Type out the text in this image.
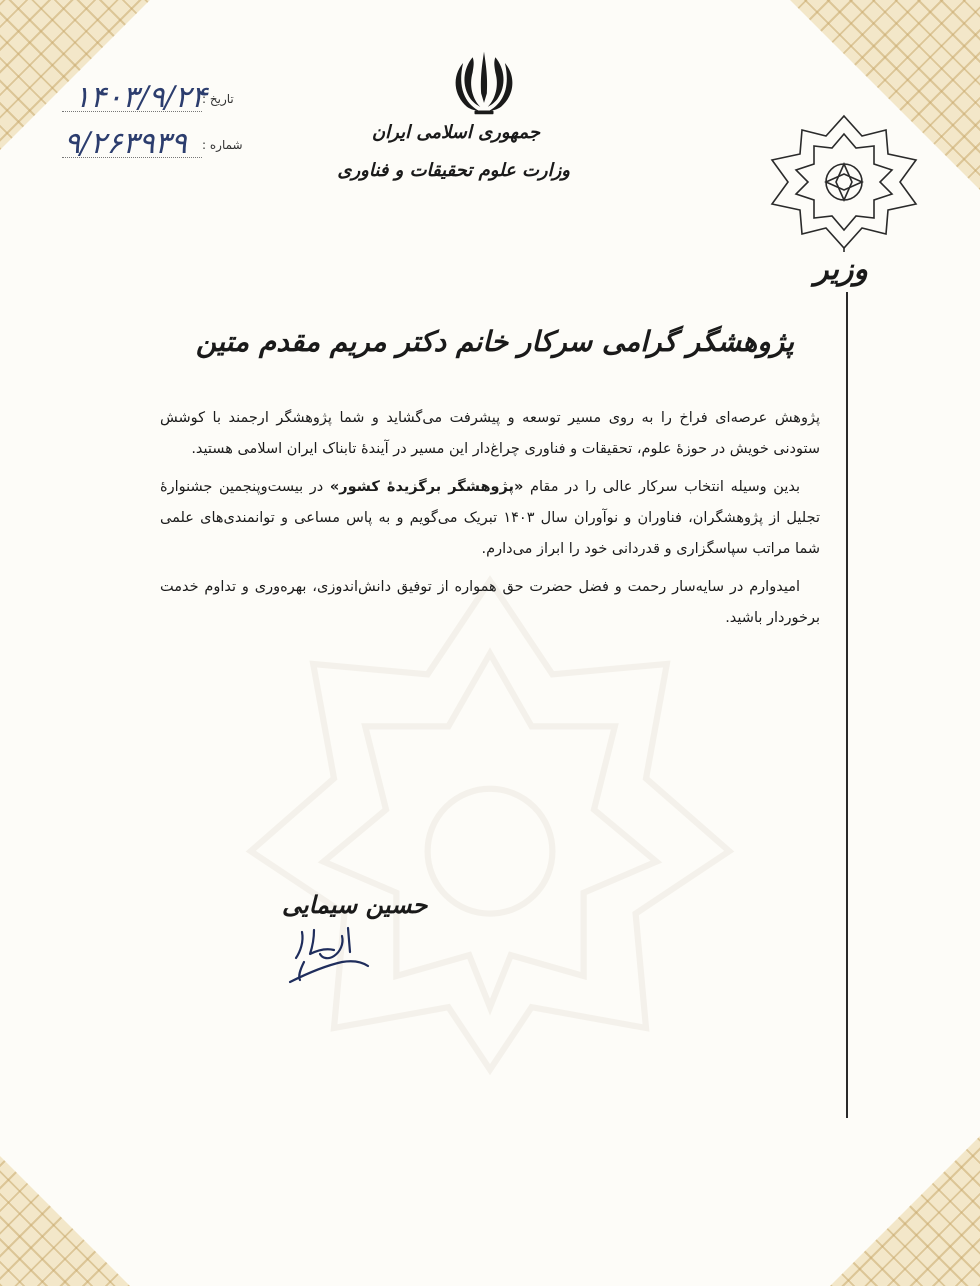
جمهوری اسلامی ایران
وزارت علوم تحقیقات و فناوری
تاریخ :
۱۴۰۳/۹/۲۴
شماره :
۹/۲۶۳۹۳۹
وزیر
پژوهشگر گرامی سرکار خانم دکتر مریم مقدم متین

پژوهش عرصه‌ای فراخ را به روی مسیر توسعه و پیشرفت می‌گشاید و شما پژوهشگر ارجمند با کوشش ستودنی خویش در حوزهٔ علوم، تحقیقات و فناوری چراغ‌دار این مسیر در آیندهٔ تابناک ایران اسلامی هستید.

بدین وسیله انتخاب سرکار عالی را در مقام «پژوهشگر برگزیدهٔ کشور» در بیست‌وپنجمین جشنوارهٔ تجلیل از پژوهشگران، فناوران و نوآوران سال ۱۴۰۳ تبریک می‌گویم و به پاس مساعی و توانمندی‌های علمی شما مراتب سپاسگزاری و قدردانی خود را ابراز می‌دارم.

امیدوارم در سایه‌سار رحمت و فضل حضرت حق همواره از توفیق دانش‌اندوزی، بهره‌وری و تداوم خدمت برخوردار باشید.

حسین سیمایی
